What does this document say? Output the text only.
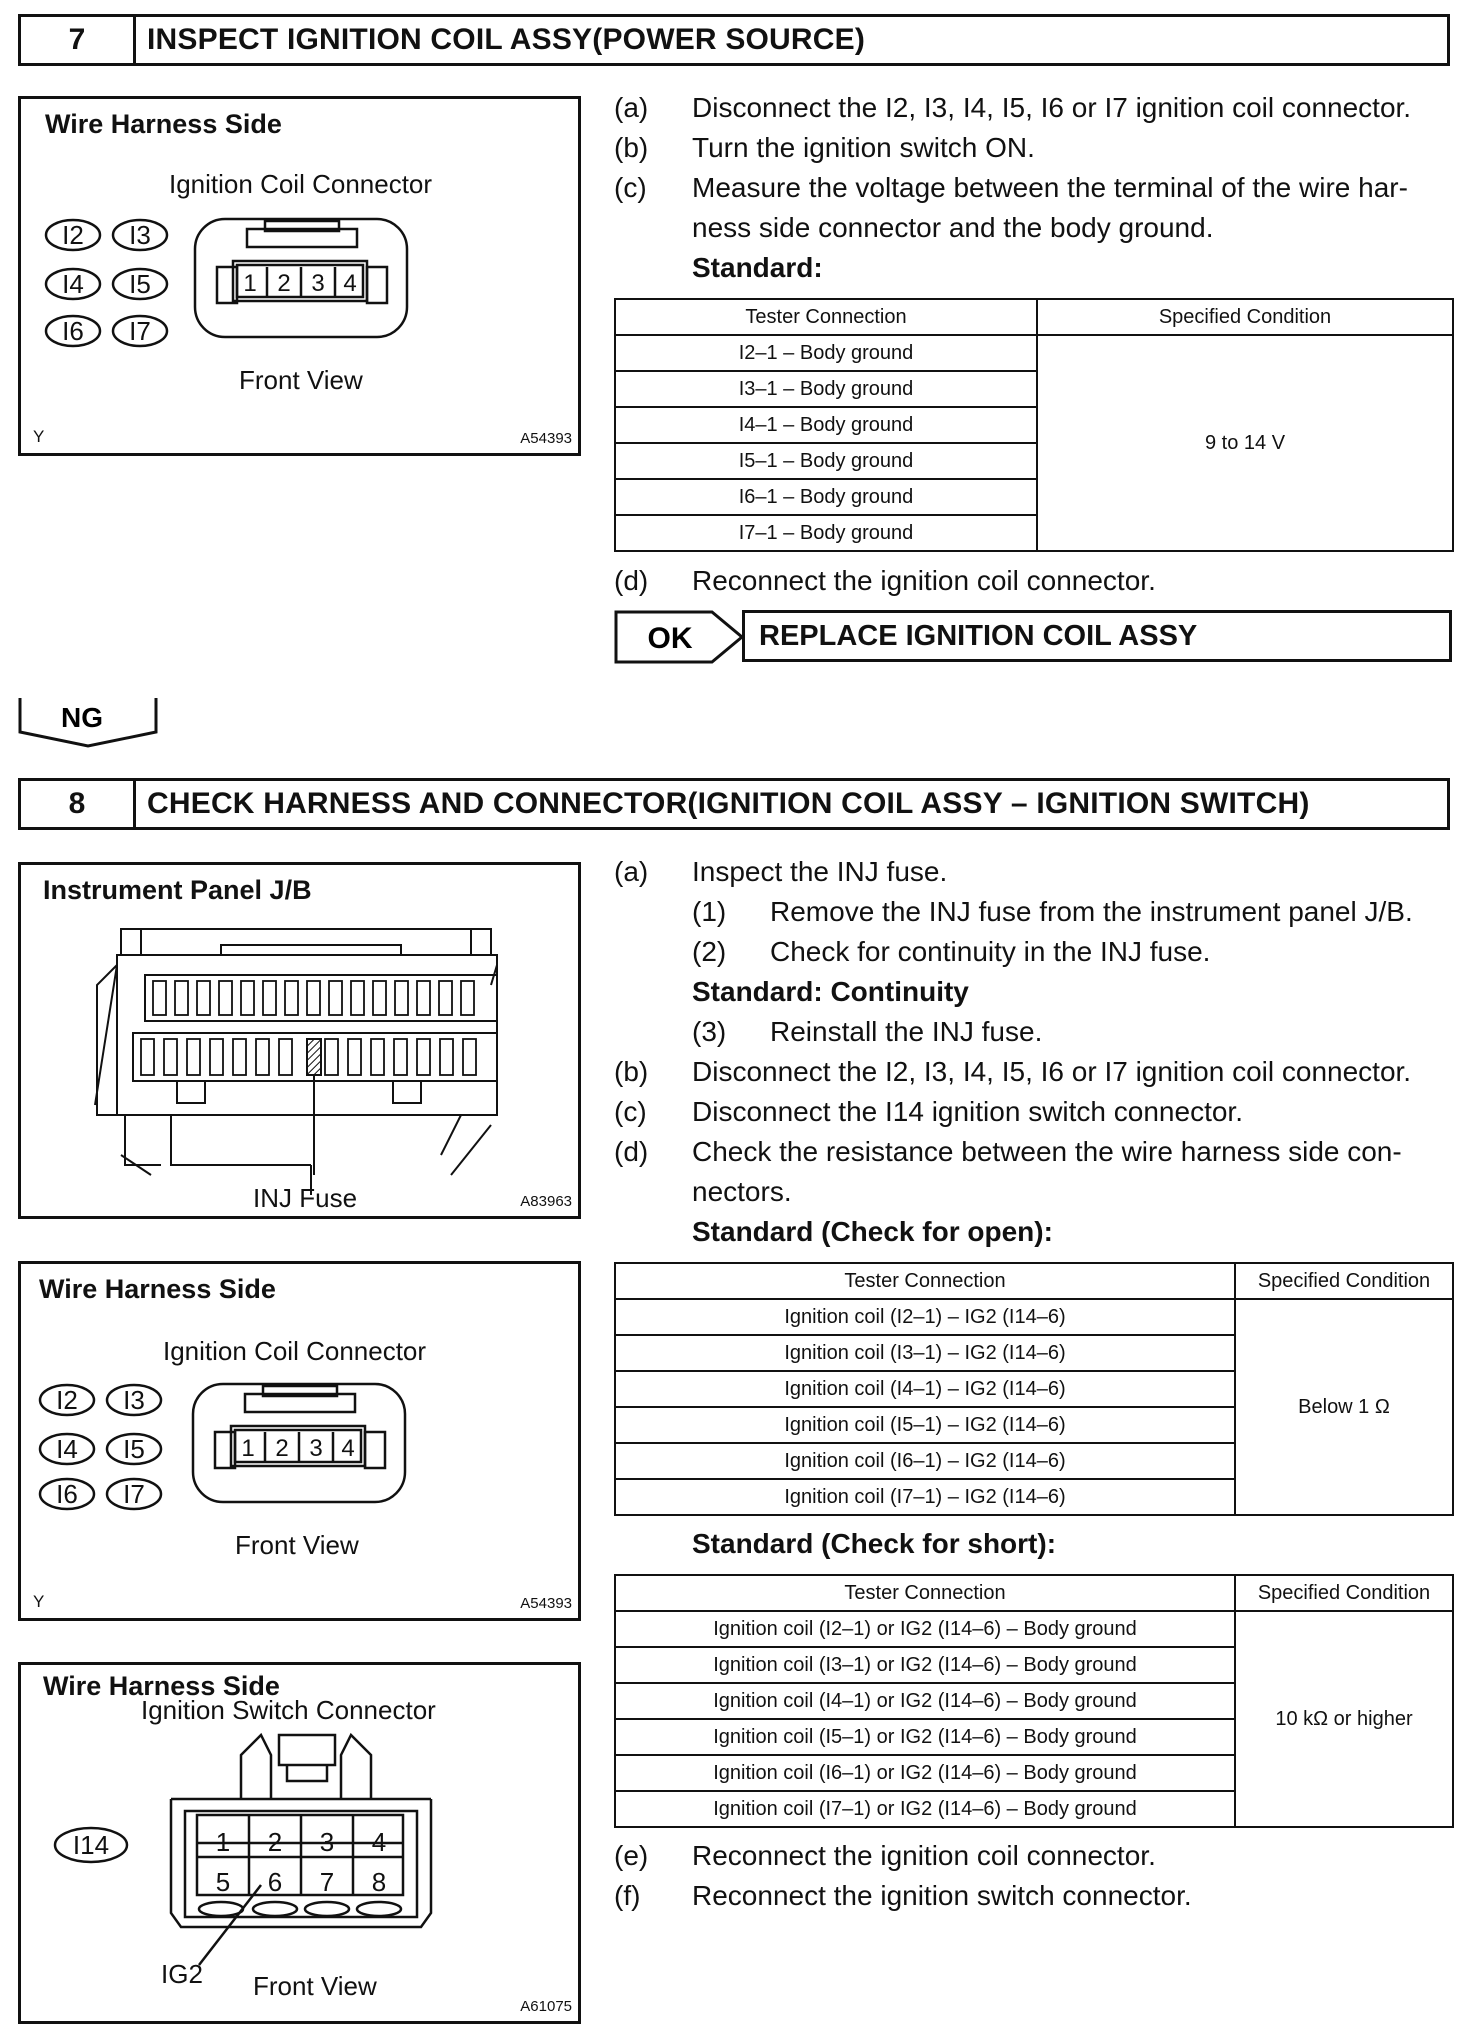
7	INSPECT IGNITION COIL ASSY(POWER SOURCE)
Wire Harness Side
Ignition Coil Connector
I2 I3
I4 I5
I6 I7
1 2 3 4
Front View
Y	A54393
(a) Disconnect the I2, I3, I4, I5, I6 or I7 ignition coil connector.
(b) Turn the ignition switch ON.
(c) Measure the voltage between the terminal of the wire har-
ness side connector and the body ground.
Standard:
Tester Connection	Specified Condition
I2–1 – Body ground	9 to 14 V
I3–1 – Body ground	
I4–1 – Body ground	
I5–1 – Body ground	
I6–1 – Body ground	
I7–1 – Body ground	
(d) Reconnect the ignition coil connector.
OK	REPLACE IGNITION COIL ASSY
NG
8	CHECK HARNESS AND CONNECTOR(IGNITION COIL ASSY – IGNITION SWITCH)
Instrument Panel J/B
INJ Fuse	A83963
Wire Harness Side
Ignition Coil Connector
I2 I3
I4 I5
I6 I7
1 2 3 4
Front View
Y	A54393
Wire Harness Side
Ignition Switch Connector
I14	1 2 3 4
5 6 7 8
IG2 Front View
A61075
(a) Inspect the INJ fuse.
(1) Remove the INJ fuse from the instrument panel J/B.
(2) Check for continuity in the INJ fuse.
Standard: Continuity
(3) Reinstall the INJ fuse.
(b) Disconnect the I2, I3, I4, I5, I6 or I7 ignition coil connector.
(c) Disconnect the I14 ignition switch connector.
(d) Check the resistance between the wire harness side con-
nectors.
Standard (Check for open):
Tester Connection	Specified Condition
Ignition coil (I2–1) – IG2 (I14–6)	Below 1 Ω
Ignition coil (I3–1) – IG2 (I14–6)	
Ignition coil (I4–1) – IG2 (I14–6)	
Ignition coil (I5–1) – IG2 (I14–6)	
Ignition coil (I6–1) – IG2 (I14–6)	
Ignition coil (I7–1) – IG2 (I14–6)	
Standard (Check for short):
Tester Connection	Specified Condition
Ignition coil (I2–1) or IG2 (I14–6) – Body ground	10 kΩ or higher
Ignition coil (I3–1) or IG2 (I14–6) – Body ground	
Ignition coil (I4–1) or IG2 (I14–6) – Body ground	
Ignition coil (I5–1) or IG2 (I14–6) – Body ground	
Ignition coil (I6–1) or IG2 (I14–6) – Body ground	
Ignition coil (I7–1) or IG2 (I14–6) – Body ground	
(e) Reconnect the ignition coil connector.
(f) Reconnect the ignition switch connector.
